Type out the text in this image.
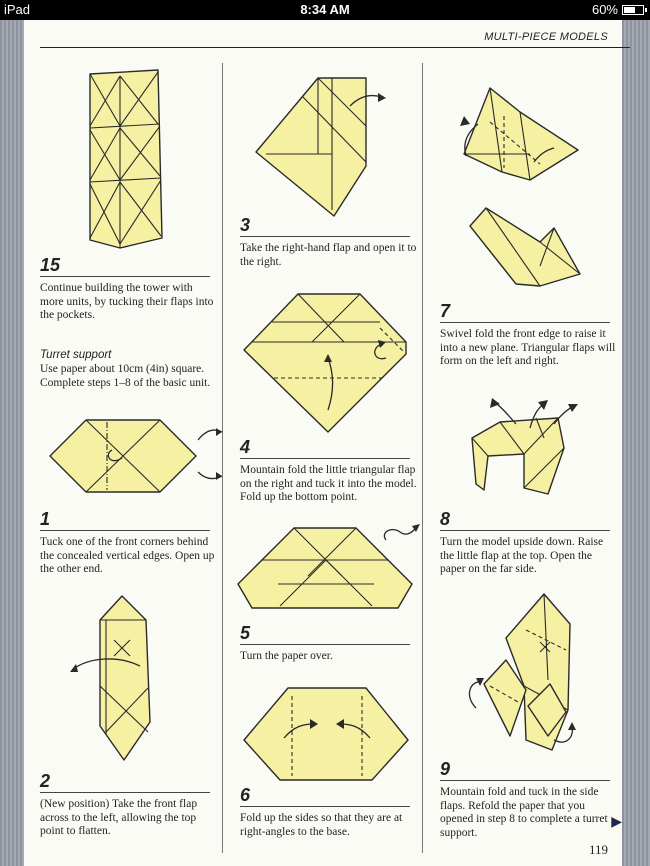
iPad	8:34 AM	60%
MULTI-PIECE MODELS
15
Continue building the tower with more units, by tucking their flaps into the pockets.
Turret support
Use paper about 10cm (4in) square. Complete steps 1–8 of the basic unit.
1
Tuck one of the front corners behind the concealed vertical edges. Open up the other end.
2
(New position) Take the front flap across to the left, allowing the top point to flatten.
3
Take the right-hand flap and open it to the right.
4
Mountain fold the little triangular flap on the right and tuck it into the model. Fold up the bottom point.
5
Turn the paper over.
6
Fold up the sides so that they are at right-angles to the base.
7
Swivel fold the front edge to raise it into a new plane. Triangular flaps will form on the left and right.
8
Turn the model upside down. Raise the little flap at the top. Open the paper on the far side.
9
Mountain fold and tuck in the side flaps. Refold the paper that you opened in step 8 to complete a turret support.
▶
119
